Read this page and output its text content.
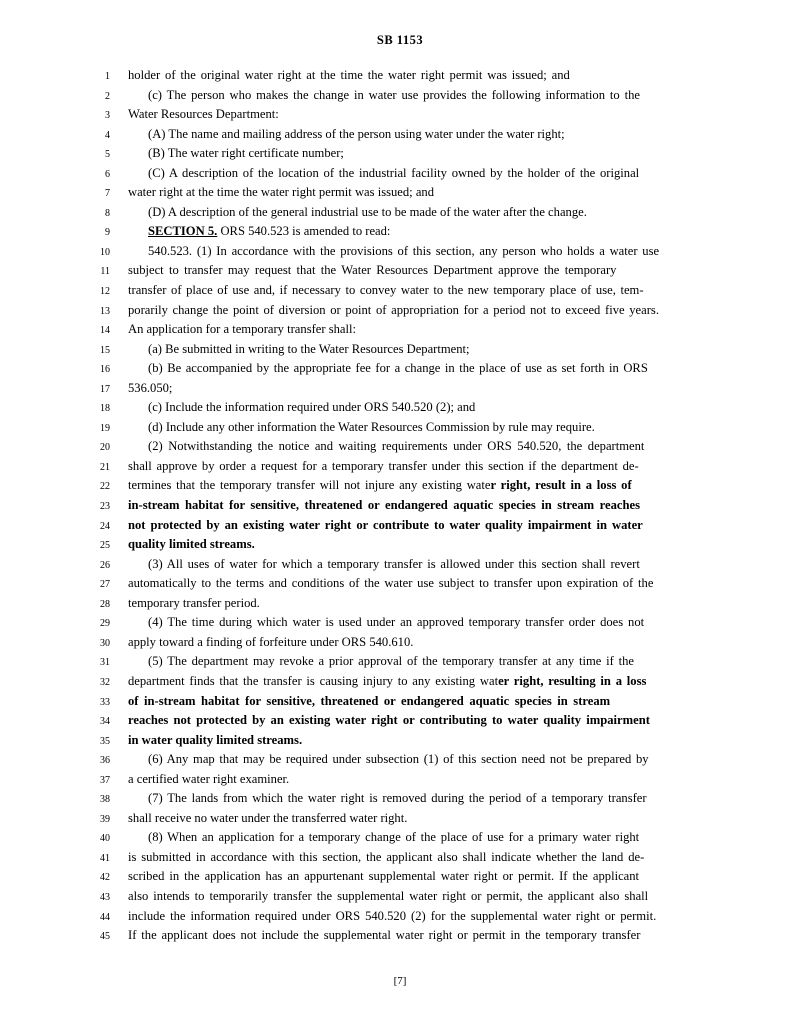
SB 1153
1	holder of the original water right at the time the water right permit was issued; and
2	(c) The person who makes the change in water use provides the following information to the
3	Water Resources Department:
4	(A) The name and mailing address of the person using water under the water right;
5	(B) The water right certificate number;
6	(C) A description of the location of the industrial facility owned by the holder of the original
7	water right at the time the water right permit was issued; and
8	(D) A description of the general industrial use to be made of the water after the change.
9	SECTION 5. ORS 540.523 is amended to read:
10	540.523. (1) In accordance with the provisions of this section, any person who holds a water use
11	subject to transfer may request that the Water Resources Department approve the temporary
12	transfer of place of use and, if necessary to convey water to the new temporary place of use, tem-
13	porarily change the point of diversion or point of appropriation for a period not to exceed five years.
14	An application for a temporary transfer shall:
15	(a) Be submitted in writing to the Water Resources Department;
16	(b) Be accompanied by the appropriate fee for a change in the place of use as set forth in ORS
17	536.050;
18	(c) Include the information required under ORS 540.520 (2); and
19	(d) Include any other information the Water Resources Commission by rule may require.
20	(2) Notwithstanding the notice and waiting requirements under ORS 540.520, the department
21	shall approve by order a request for a temporary transfer under this section if the department de-
22	termines that the temporary transfer will not injure any existing water right, result in a loss of
23	in-stream habitat for sensitive, threatened or endangered aquatic species in stream reaches
24	not protected by an existing water right or contribute to water quality impairment in water
25	quality limited streams.
26	(3) All uses of water for which a temporary transfer is allowed under this section shall revert
27	automatically to the terms and conditions of the water use subject to transfer upon expiration of the
28	temporary transfer period.
29	(4) The time during which water is used under an approved temporary transfer order does not
30	apply toward a finding of forfeiture under ORS 540.610.
31	(5) The department may revoke a prior approval of the temporary transfer at any time if the
32	department finds that the transfer is causing injury to any existing water right, resulting in a loss
33	of in-stream habitat for sensitive, threatened or endangered aquatic species in stream
34	reaches not protected by an existing water right or contributing to water quality impairment
35	in water quality limited streams.
36	(6) Any map that may be required under subsection (1) of this section need not be prepared by
37	a certified water right examiner.
38	(7) The lands from which the water right is removed during the period of a temporary transfer
39	shall receive no water under the transferred water right.
40	(8) When an application for a temporary change of the place of use for a primary water right
41	is submitted in accordance with this section, the applicant also shall indicate whether the land de-
42	scribed in the application has an appurtenant supplemental water right or permit. If the applicant
43	also intends to temporarily transfer the supplemental water right or permit, the applicant also shall
44	include the information required under ORS 540.520 (2) for the supplemental water right or permit.
45	If the applicant does not include the supplemental water right or permit in the temporary transfer
[7]
